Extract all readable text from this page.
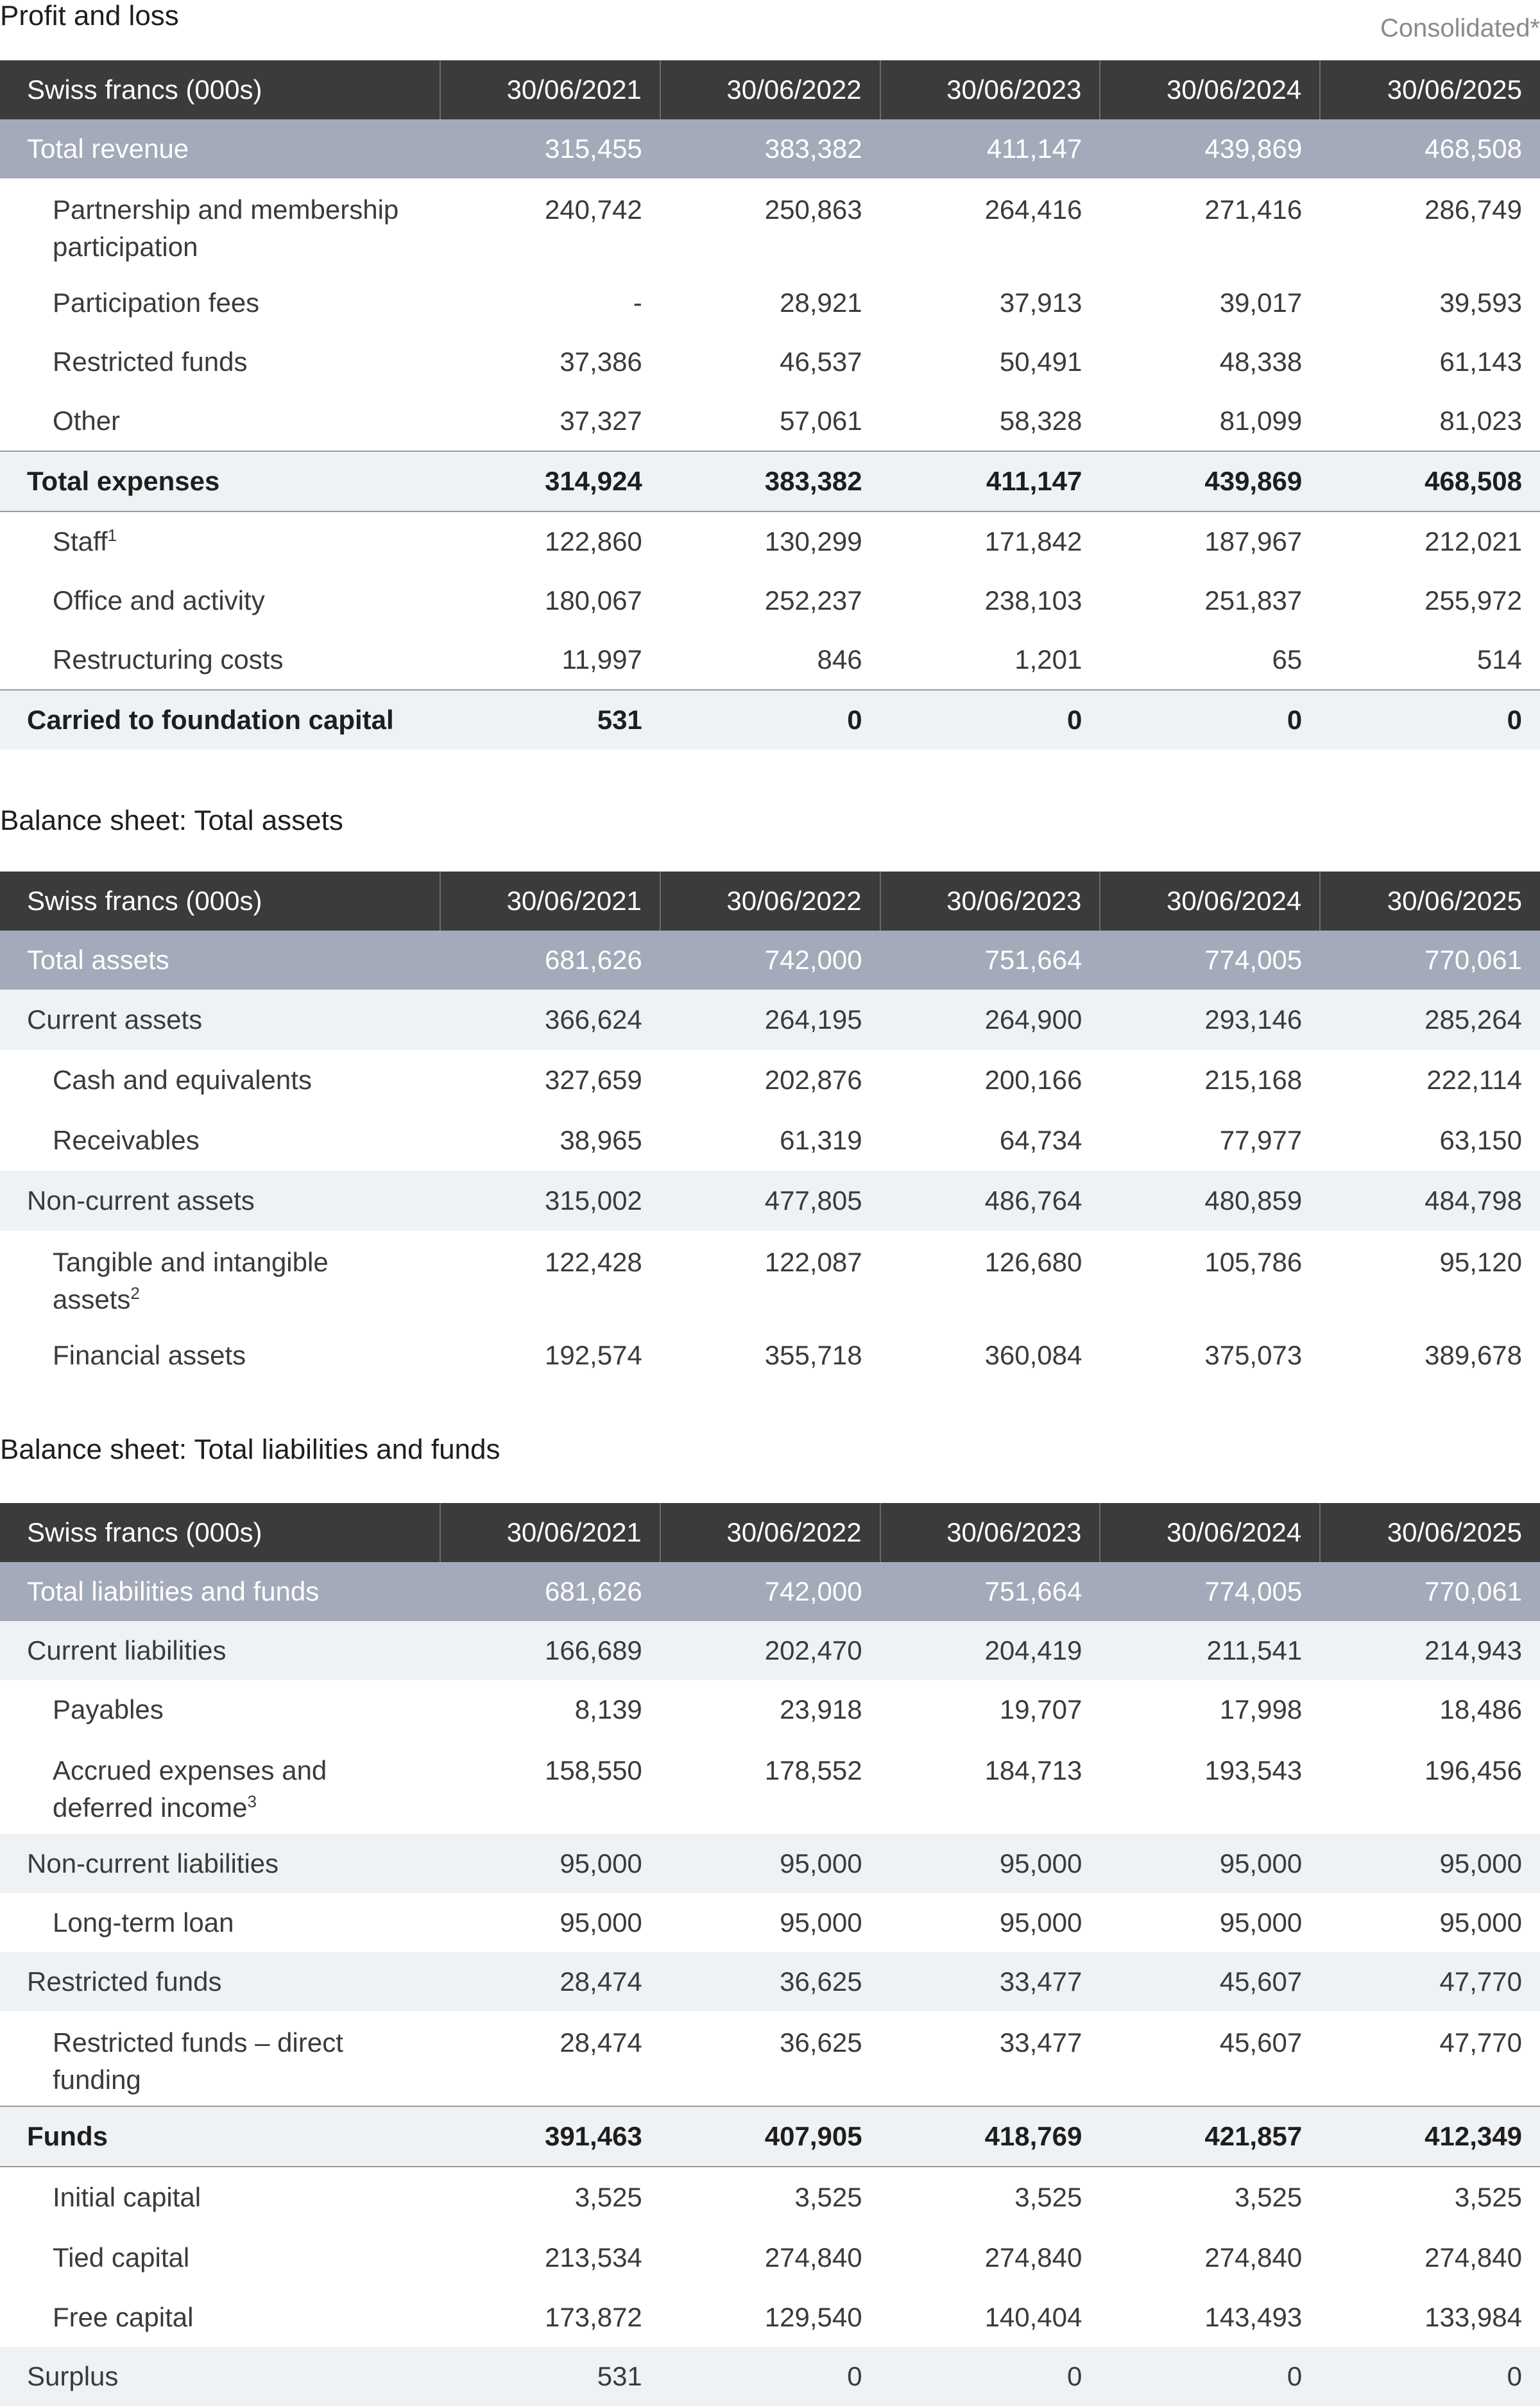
Profit and loss	Consolidated*
Swiss francs (000s)	30/06/2021	30/06/2022	30/06/2023	30/06/2024	30/06/2025
Total revenue	315,455	383,382	411,147	439,869	468,508
Partnership and membership participation	240,742	250,863	264,416	271,416	286,749
Participation fees	-	28,921	37,913	39,017	39,593
Restricted funds	37,386	46,537	50,491	48,338	61,143
Other	37,327	57,061	58,328	81,099	81,023
Total expenses	314,924	383,382	411,147	439,869	468,508
Staff$^1$	122,860	130,299	171,842	187,967	212,021
Office and activity	180,067	252,237	238,103	251,837	255,972
Restructuring costs	11,997	846	1,201	65	514
Carried to foundation capital	531	0	0	0	0
Balance sheet: Total assets
Swiss francs (000s)	30/06/2021	30/06/2022	30/06/2023	30/06/2024	30/06/2025
Total assets	681,626	742,000	751,664	774,005	770,061
Current assets	366,624	264,195	264,900	293,146	285,264
Cash and equivalents	327,659	202,876	200,166	215,168	222,114
Receivables	38,965	61,319	64,734	77,977	63,150
Non-current assets	315,002	477,805	486,764	480,859	484,798
Tangible and intangible assets$^2$	122,428	122,087	126,680	105,786	95,120
Financial assets	192,574	355,718	360,084	375,073	389,678
Balance sheet: Total liabilities and funds
Swiss francs (000s)	30/06/2021	30/06/2022	30/06/2023	30/06/2024	30/06/2025
Total liabilities and funds	681,626	742,000	751,664	774,005	770,061
Current liabilities	166,689	202,470	204,419	211,541	214,943
Payables	8,139	23,918	19,707	17,998	18,486
Accrued expenses and deferred income$^3$	158,550	178,552	184,713	193,543	196,456
Non-current liabilities	95,000	95,000	95,000	95,000	95,000
Long-term loan	95,000	95,000	95,000	95,000	95,000
Restricted funds	28,474	36,625	33,477	45,607	47,770
Restricted funds – direct funding	28,474	36,625	33,477	45,607	47,770
Funds	391,463	407,905	418,769	421,857	412,349
Initial capital	3,525	3,525	3,525	3,525	3,525
Tied capital	213,534	274,840	274,840	274,840	274,840
Free capital	173,872	129,540	140,404	143,493	133,984
Surplus	531	0	0	0	0
